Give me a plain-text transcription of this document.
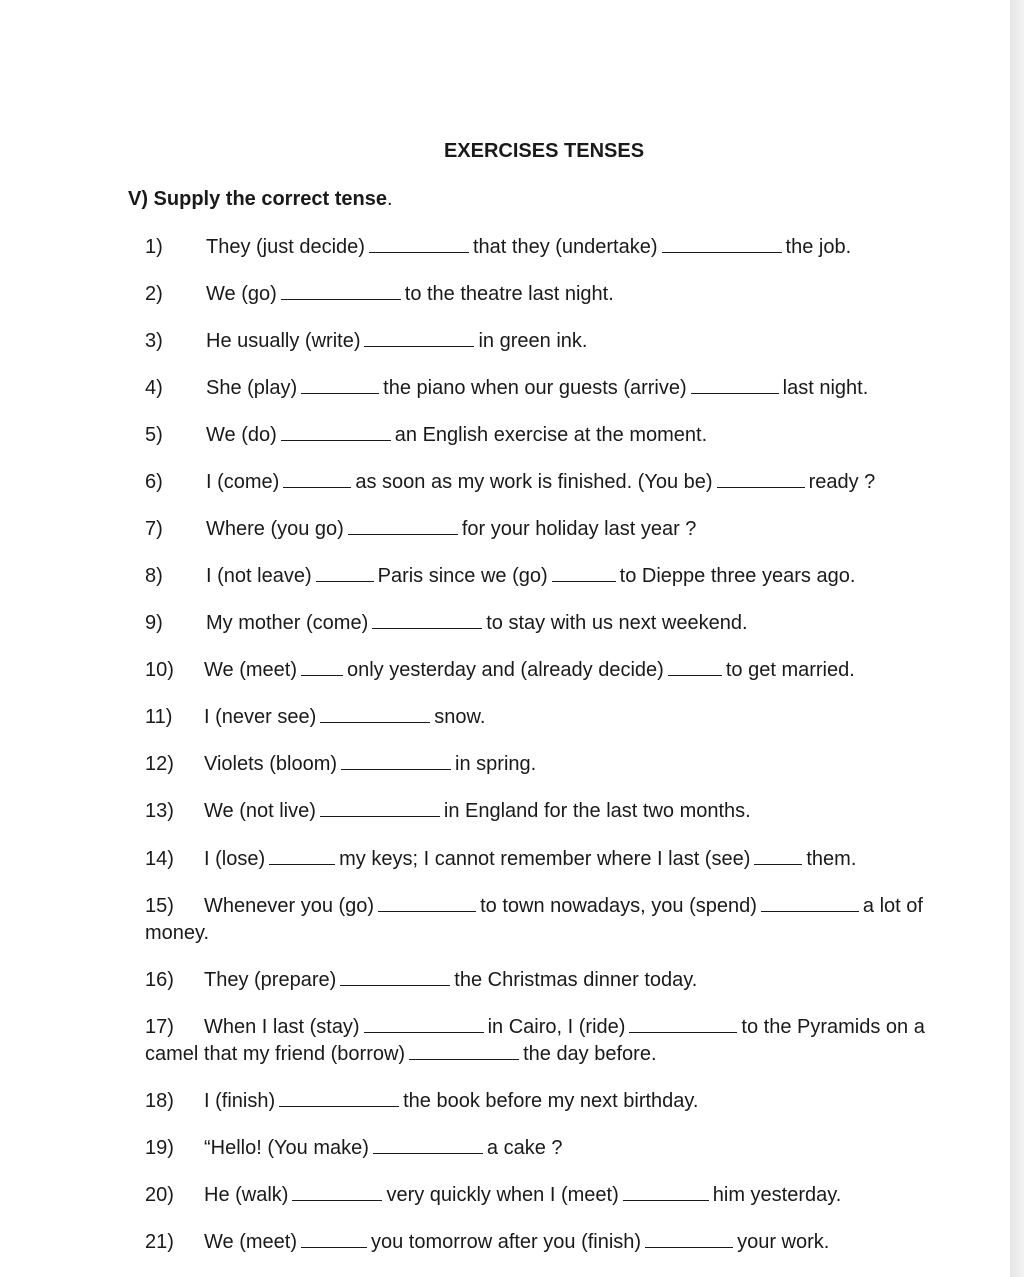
EXERCISES TENSES
V) Supply the correct tense.
1) They (just decide)	that they (undertake)	the job.
2) We (go)	to the theatre last night.
3) He usually (write)	in green ink.
4) She (play)	the piano when our guests (arrive)	last night.
5) We (do)	an English exercise at the moment.
6) I (come)	as soon as my work is finished. (You be)	ready ?
7) Where (you go)	for your holiday last year ?
8) I (not leave)	Paris since we (go)	to Dieppe three years ago.
9) My mother (come)	to stay with us next weekend.
10) We (meet)	only yesterday and (already decide)	to get married.
11) I (never see)	snow.
12) Violets (bloom)	in spring.
13) We (not live)	in England for the last two months.
14) I (lose)	my keys; I cannot remember where I last (see)	them.
15) Whenever you (go)	to town nowadays, you (spend)	a lot of
money.
16) They (prepare)	the Christmas dinner today.
17) When I last (stay)	in Cairo, I (ride)	to the Pyramids on a
camel that my friend (borrow)	the day before.
18) I (finish)	the book before my next birthday.
19) “Hello! (You make)	a cake ?
20) He (walk)	very quickly when I (meet)	him yesterday.
21) We (meet)	you tomorrow after you (finish)	your work.
